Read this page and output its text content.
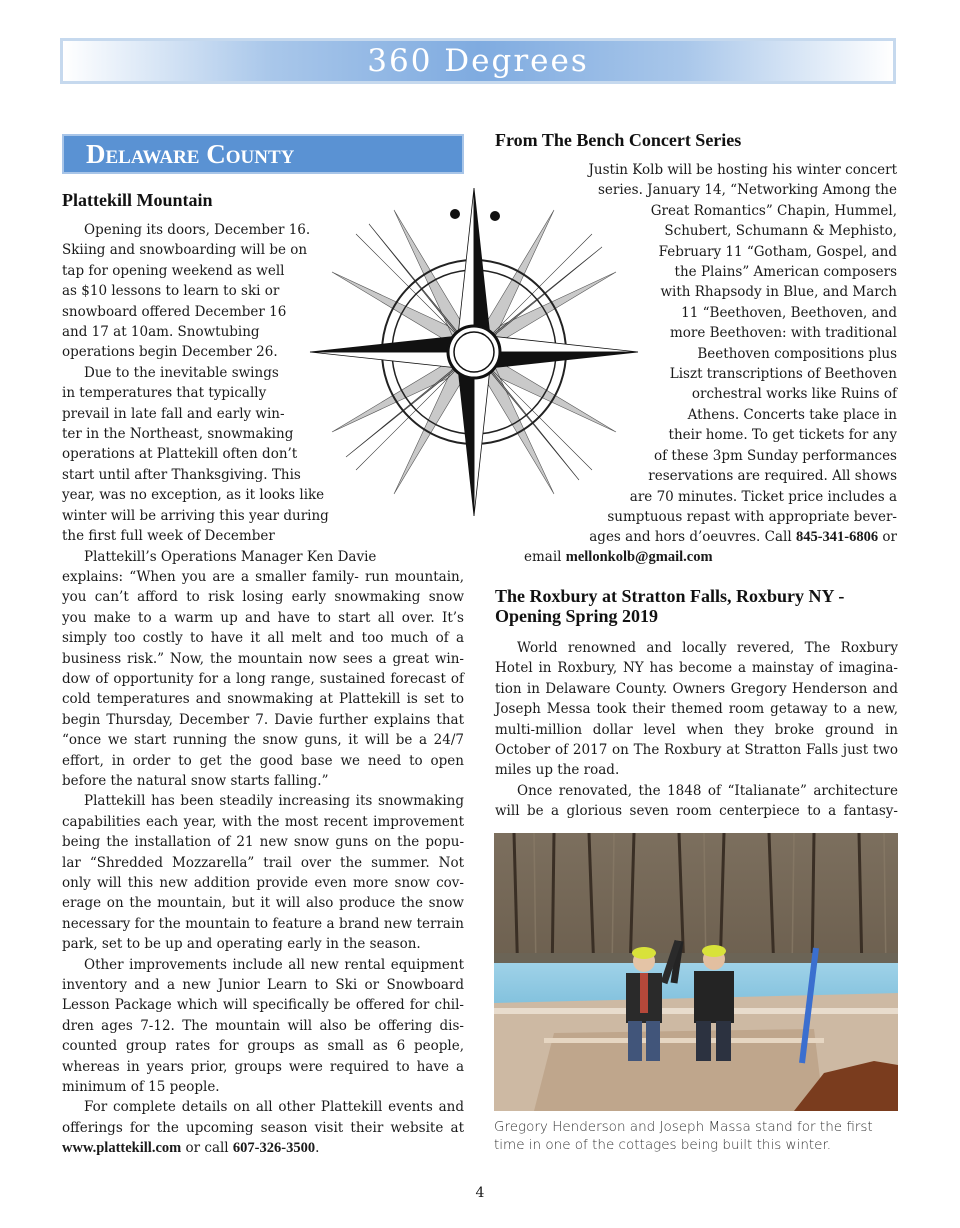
360 Degrees
Delaware County
Plattekill Mountain
Opening its doors, December 16.
Skiing and snowboarding will be on
tap for opening weekend as well
as $10 lessons to learn to ski or
snowboard offered December 16
and 17 at 10am. Snowtubing
operations begin December 26.
Due to the inevitable swings
in temperatures that typically
prevail in late fall and early win-
ter in the Northeast, snowmaking
operations at Plattekill often don’t
start until after Thanksgiving. This
year, was no exception, as it looks like
winter will be arriving this year during
the first full week of December
Plattekill’s Operations Manager Ken Davie
explains: “When you are a smaller family- run mountain,
you can’t afford to risk losing early snowmaking snow
you make to a warm up and have to start all over. It’s
simply too costly to have it all melt and too much of a
business risk.” Now, the mountain now sees a great win-
dow of opportunity for a long range, sustained forecast of
cold temperatures and snowmaking at Plattekill is set to
begin Thursday, December 7. Davie further explains that
“once we start running the snow guns, it will be a 24/7
effort, in order to get the good base we need to open
before the natural snow starts falling.”
Plattekill has been steadily increasing its snowmaking
capabilities each year, with the most recent improvement
being the installation of 21 new snow guns on the popu-
lar “Shredded Mozzarella” trail over the summer. Not
only will this new addition provide even more snow cov-
erage on the mountain, but it will also produce the snow
necessary for the mountain to feature a brand new terrain
park, set to be up and operating early in the season.
Other improvements include all new rental equipment
inventory and a new Junior Learn to Ski or Snowboard
Lesson Package which will specifically be offered for chil-
dren ages 7-12. The mountain will also be offering dis-
counted group rates for groups as small as 6 people,
whereas in years prior, groups were required to have a
minimum of 15 people.
For complete details on all other Plattekill events and
offerings for the upcoming season visit their website at
www.plattekill.com or call 607-326-3500.
From The Bench Concert Series
Justin Kolb will be hosting his winter concert
series. January 14, “Networking Among the
Great Romantics” Chapin, Hummel,
Schubert, Schumann & Mephisto,
February 11 “Gotham, Gospel, and
the Plains” American composers
with Rhapsody in Blue, and March
11 “Beethoven, Beethoven, and
more Beethoven: with traditional
Beethoven compositions plus
Liszt transcriptions of Beethoven
orchestral works like Ruins of
Athens. Concerts take place in
their home. To get tickets for any
of these 3pm Sunday performances
reservations are required. All shows
are 70 minutes. Ticket price includes a
sumptuous repast with appropriate bever-
ages and hors d’oeuvres. Call 845-341-6806 or
email mellonkolb@gmail.com
The Roxbury at Stratton Falls, Roxbury NY -
Opening Spring 2019
World renowned and locally revered, The Roxbury
Hotel in Roxbury, NY has become a mainstay of imagina-
tion in Delaware County. Owners Gregory Henderson and
Joseph Messa took their themed room getaway to a new,
multi-million dollar level when they broke ground in
October of 2017 on The Roxbury at Stratton Falls just two
miles up the road.
Once renovated, the 1848 of “Italianate” architecture
will be a glorious seven room centerpiece to a fantasy-
Gregory Henderson and Joseph Massa stand for the first time in one of the cottages being built this winter.
4
